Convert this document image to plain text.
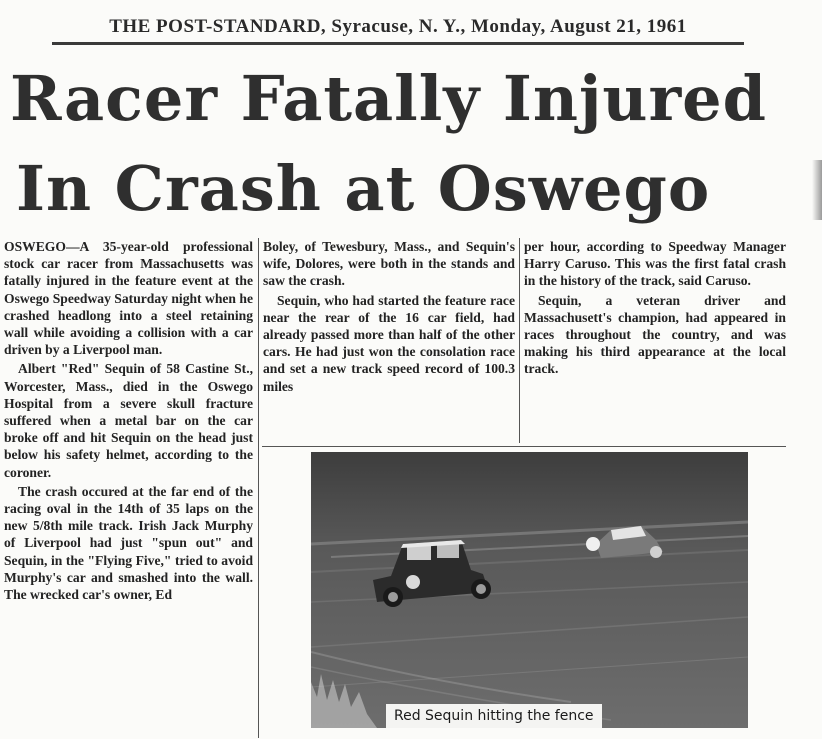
THE POST-STANDARD, Syracuse, N. Y., Monday, August 21, 1961
Racer Fatally Injured
In Crash at Oswego

OSWEGO—A 35-year-old professional stock car racer from Massachusetts was fatally injured in the feature event at the Oswego Speedway Saturday night when he crashed headlong into a steel retaining wall while avoiding a collision with a car driven by a Liverpool man.

Albert "Red" Sequin of 58 Castine St., Worcester, Mass., died in the Oswego Hospital from a severe skull fracture suffered when a metal bar on the car broke off and hit Sequin on the head just below his safety helmet, according to the coroner.

The crash occured at the far end of the racing oval in the 14th of 35 laps on the new 5/8th mile track. Irish Jack Murphy of Liverpool had just "spun out" and Sequin, in the "Flying Five," tried to avoid Murphy's car and smashed into the wall. The wrecked car's owner, Ed

Boley, of Tewesbury, Mass., and Sequin's wife, Dolores, were both in the stands and saw the crash.

Sequin, who had started the feature race near the rear of the 16 car field, had already passed more than half of the other cars. He had just won the consolation race and set a new track speed record of 100.3 miles

per hour, according to Speedway Manager Harry Caruso. This was the first fatal crash in the history of the track, said Caruso.

Sequin, a veteran driver and Massachusett's champion, had appeared in races throughout the country, and was making his third appearance at the local track.

Red Sequin hitting the fence
